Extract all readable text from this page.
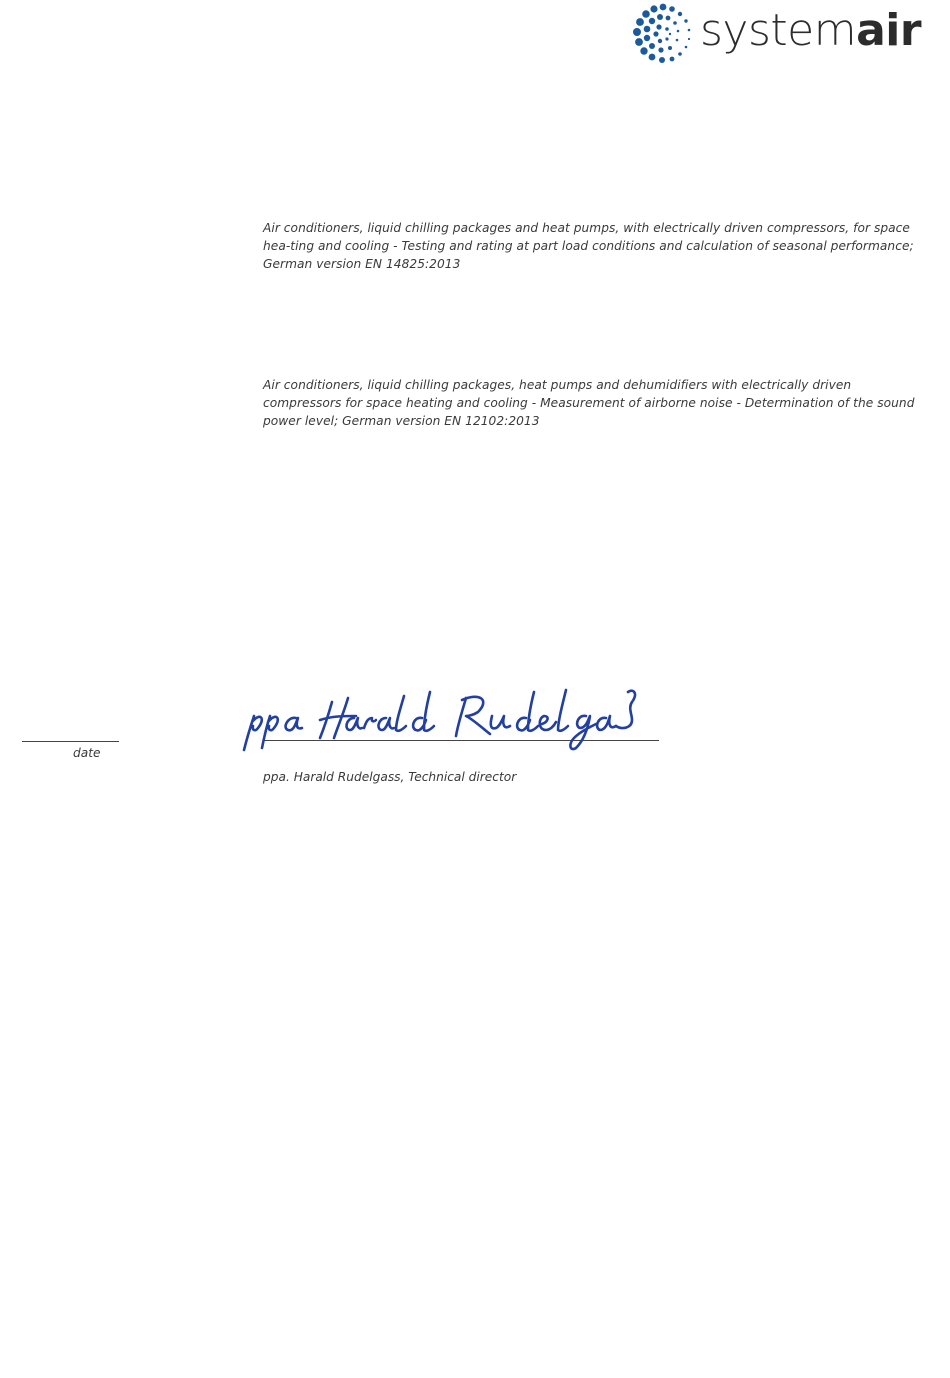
systemair

Air conditioners, liquid chilling packages and heat pumps, with electrically driven compressors, for space hea-ting and cooling - Testing and rating at part load conditions and calculation of seasonal performance; German version EN 14825:2013

Air conditioners, liquid chilling packages, heat pumps and dehumidifiers with electrically driven compressors for space heating and cooling - Measurement of airborne noise - Determination of the sound power level; German version EN 12102:2013

date
ppa. Harald Rudelgass, Technical director
